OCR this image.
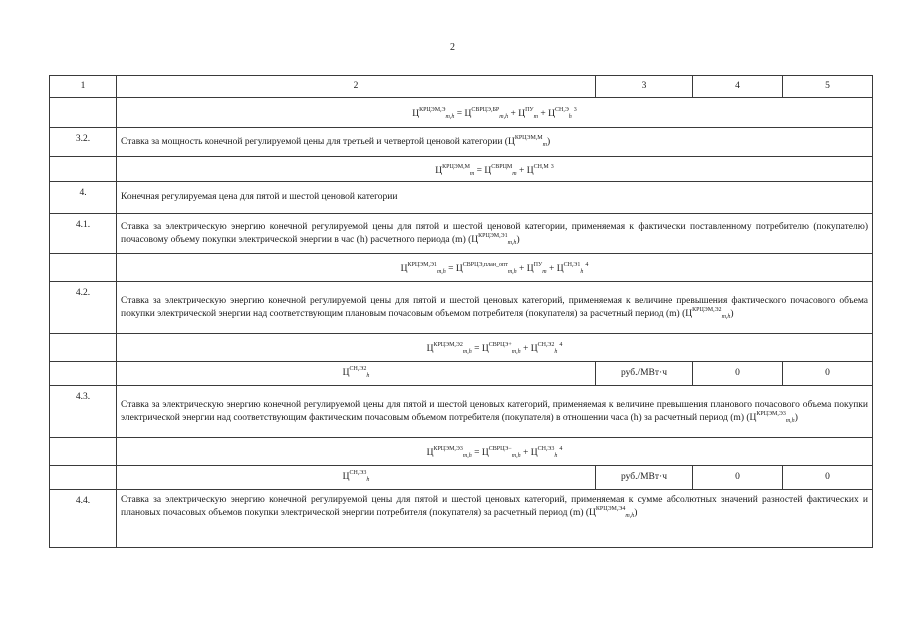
2
1	2	3	4	5
	$Ц^{КРЦЭМ,Э}_{m,h} = Ц^{СВРЦЭ,БР}_{m,h} + Ц^{ПУ}_m + Ц^{СН,Э}_h^3$
3.2.	Ставка за мощность конечной регулируемой цены для третьей и четвертой ценовой категории $(Ц^{КРЦЭМ,М}_m)$			
	$Ц^{КРЦЭМ,М}_m = Ц^{СВРЦМ}_m + Ц^{СН,М}$ $^3$
4.	Конечная регулируемая цена для пятой и шестой ценовой категории			
4.1.	Ставка за электрическую энергию конечной регулируемой цены для пятой и шестой ценовой категории, применяемая к фактически поставленному потребителю (покупателю) почасовому объему покупки электрической энергии в час (h) расчетного периода (m) $(Ц^{КРЦЭМ,Э1}_{m,h})$			
	$Ц^{КРЦЭМ,Э1}_{m,h} = Ц^{СВРЦЭ,план\_опт}_{m,h} + Ц^{ПУ}_m + Ц^{СН,Э1}_h^4$
4.2.	Ставка за электрическую энергию конечной регулируемой цены для пятой и шестой ценовых категорий, применяемая к величине превышения фактического почасового объема покупки электрической энергии над соответствующим плановым почасовым объемом потребителя (покупателя) за расчетный период (m) $(Ц^{КРЦЭМ,Э2}_{m,h})$			
	$Ц^{КРЦЭМ,Э2}_{m,h} = Ц^{СВРЦЭ+}_{m,h} + Ц^{СН,Э2}_h^4$
	$Ц^{СН,Э2}_h$	руб./МВт·ч	0	0
4.3.	Ставка за электрическую энергию конечной регулируемой цены для пятой и шестой ценовых категорий, применяемая к величине превышения планового почасового объема покупки электрической энергии над соответствующим фактическим почасовым объемом потребителя (покупателя) в отношении часа (h) за расчетный период (m) $(Ц^{КРЦЭМ,Э3}_{m,h})$			
	$Ц^{КРЦЭМ,Э3}_{m,h} = Ц^{СВРЦЭ-}_{m,h} + Ц^{СН,Э3}_h^4$
	$Ц^{СН,Э3}_h$	руб./МВт·ч	0	0
4.4.	Ставка за электрическую энергию конечной регулируемой цены для пятой и шестой ценовых категорий, применяемая к сумме абсолютных значений разностей фактических и плановых почасовых объемов покупки электрической энергии потребителя (покупателя) за расчетный период (m) $(Ц^{КРЦЭМ,Э4}_{m,h})$			
